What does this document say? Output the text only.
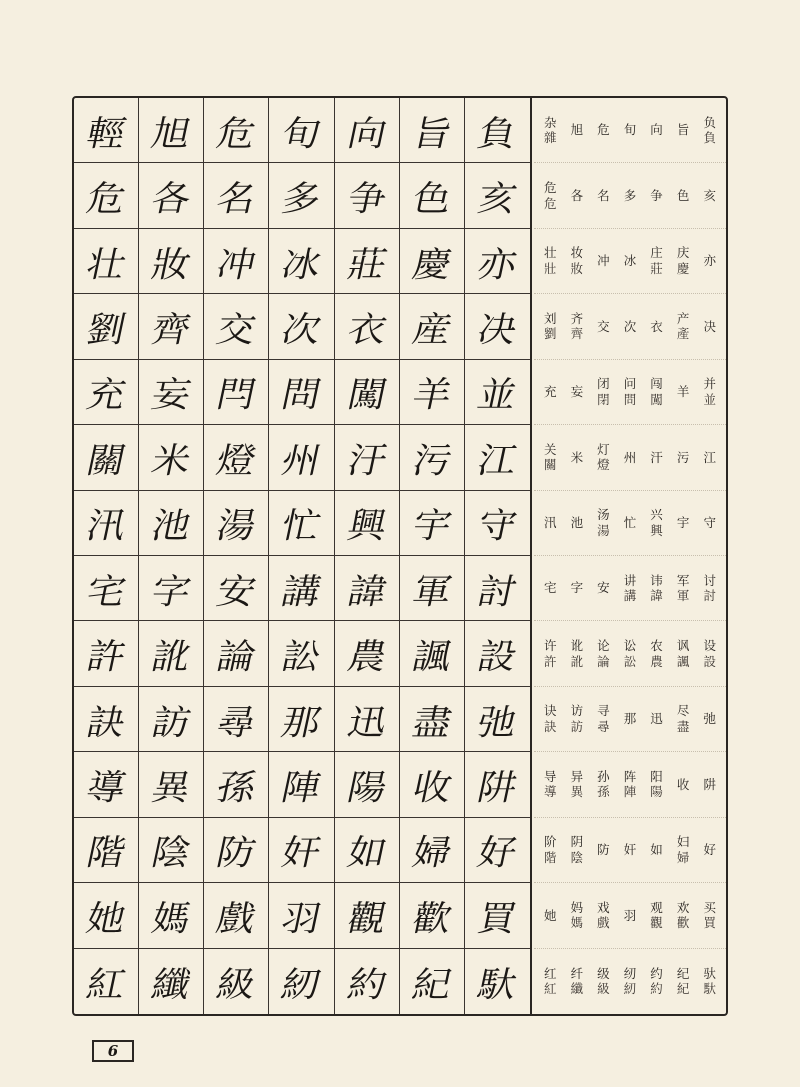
輕 旭 危 旬 向 旨 負
危 各 名 多 争 色 亥
壮 妝 冲 冰 莊 慶 亦
劉 齊 交 次 衣 産 决
充 妄 閂 問 闖 羊 並
關 米 燈 州 汙 污 江
汛 池 湯 忙 興 宇 守
宅 字 安 講 諱 軍 討
許 訛 論 訟 農 諷 設
訣 訪 尋 那 迅 盡 弛
導 異 孫 陣 陽 收 阱
階 陰 防 奸 如 婦 好
她 媽 戲 羽 觀 歡 買
紅 纖 級 紉 約 紀 馱
杂
雜
旭 危 旬 向 旨
负
負
危
危
各 名 多 争 色 亥
壮
壯
妆
妝
冲 冰
庄
莊
庆
慶
亦
刘
劉
齐
齊
交 次 衣
产
產
决
充 妄
闭
閉
问
問
闯
闖
羊
并
並
关
關
米
灯
燈
州 汗 污 江
汛 池
汤
湯
忙
兴
興
宇 守
宅 字 安
讲
講
讳
諱
军
軍
讨
討
许
許
讹
訛
论
論
讼
訟
农
農
讽
諷
设
設
诀
訣
访
訪
寻
尋
那 迅
尽
盡
弛
导
導
异
異
孙
孫
阵
陣
阳
陽
收 阱
阶
階
阴
陰
防 奸 如
妇
婦
好
她
妈
媽
戏
戲
羽
观
觀
欢
歡
买
買
红
紅
纤
纖
级
級
纫
紉
约
約
纪
紀
驮
馱
6
